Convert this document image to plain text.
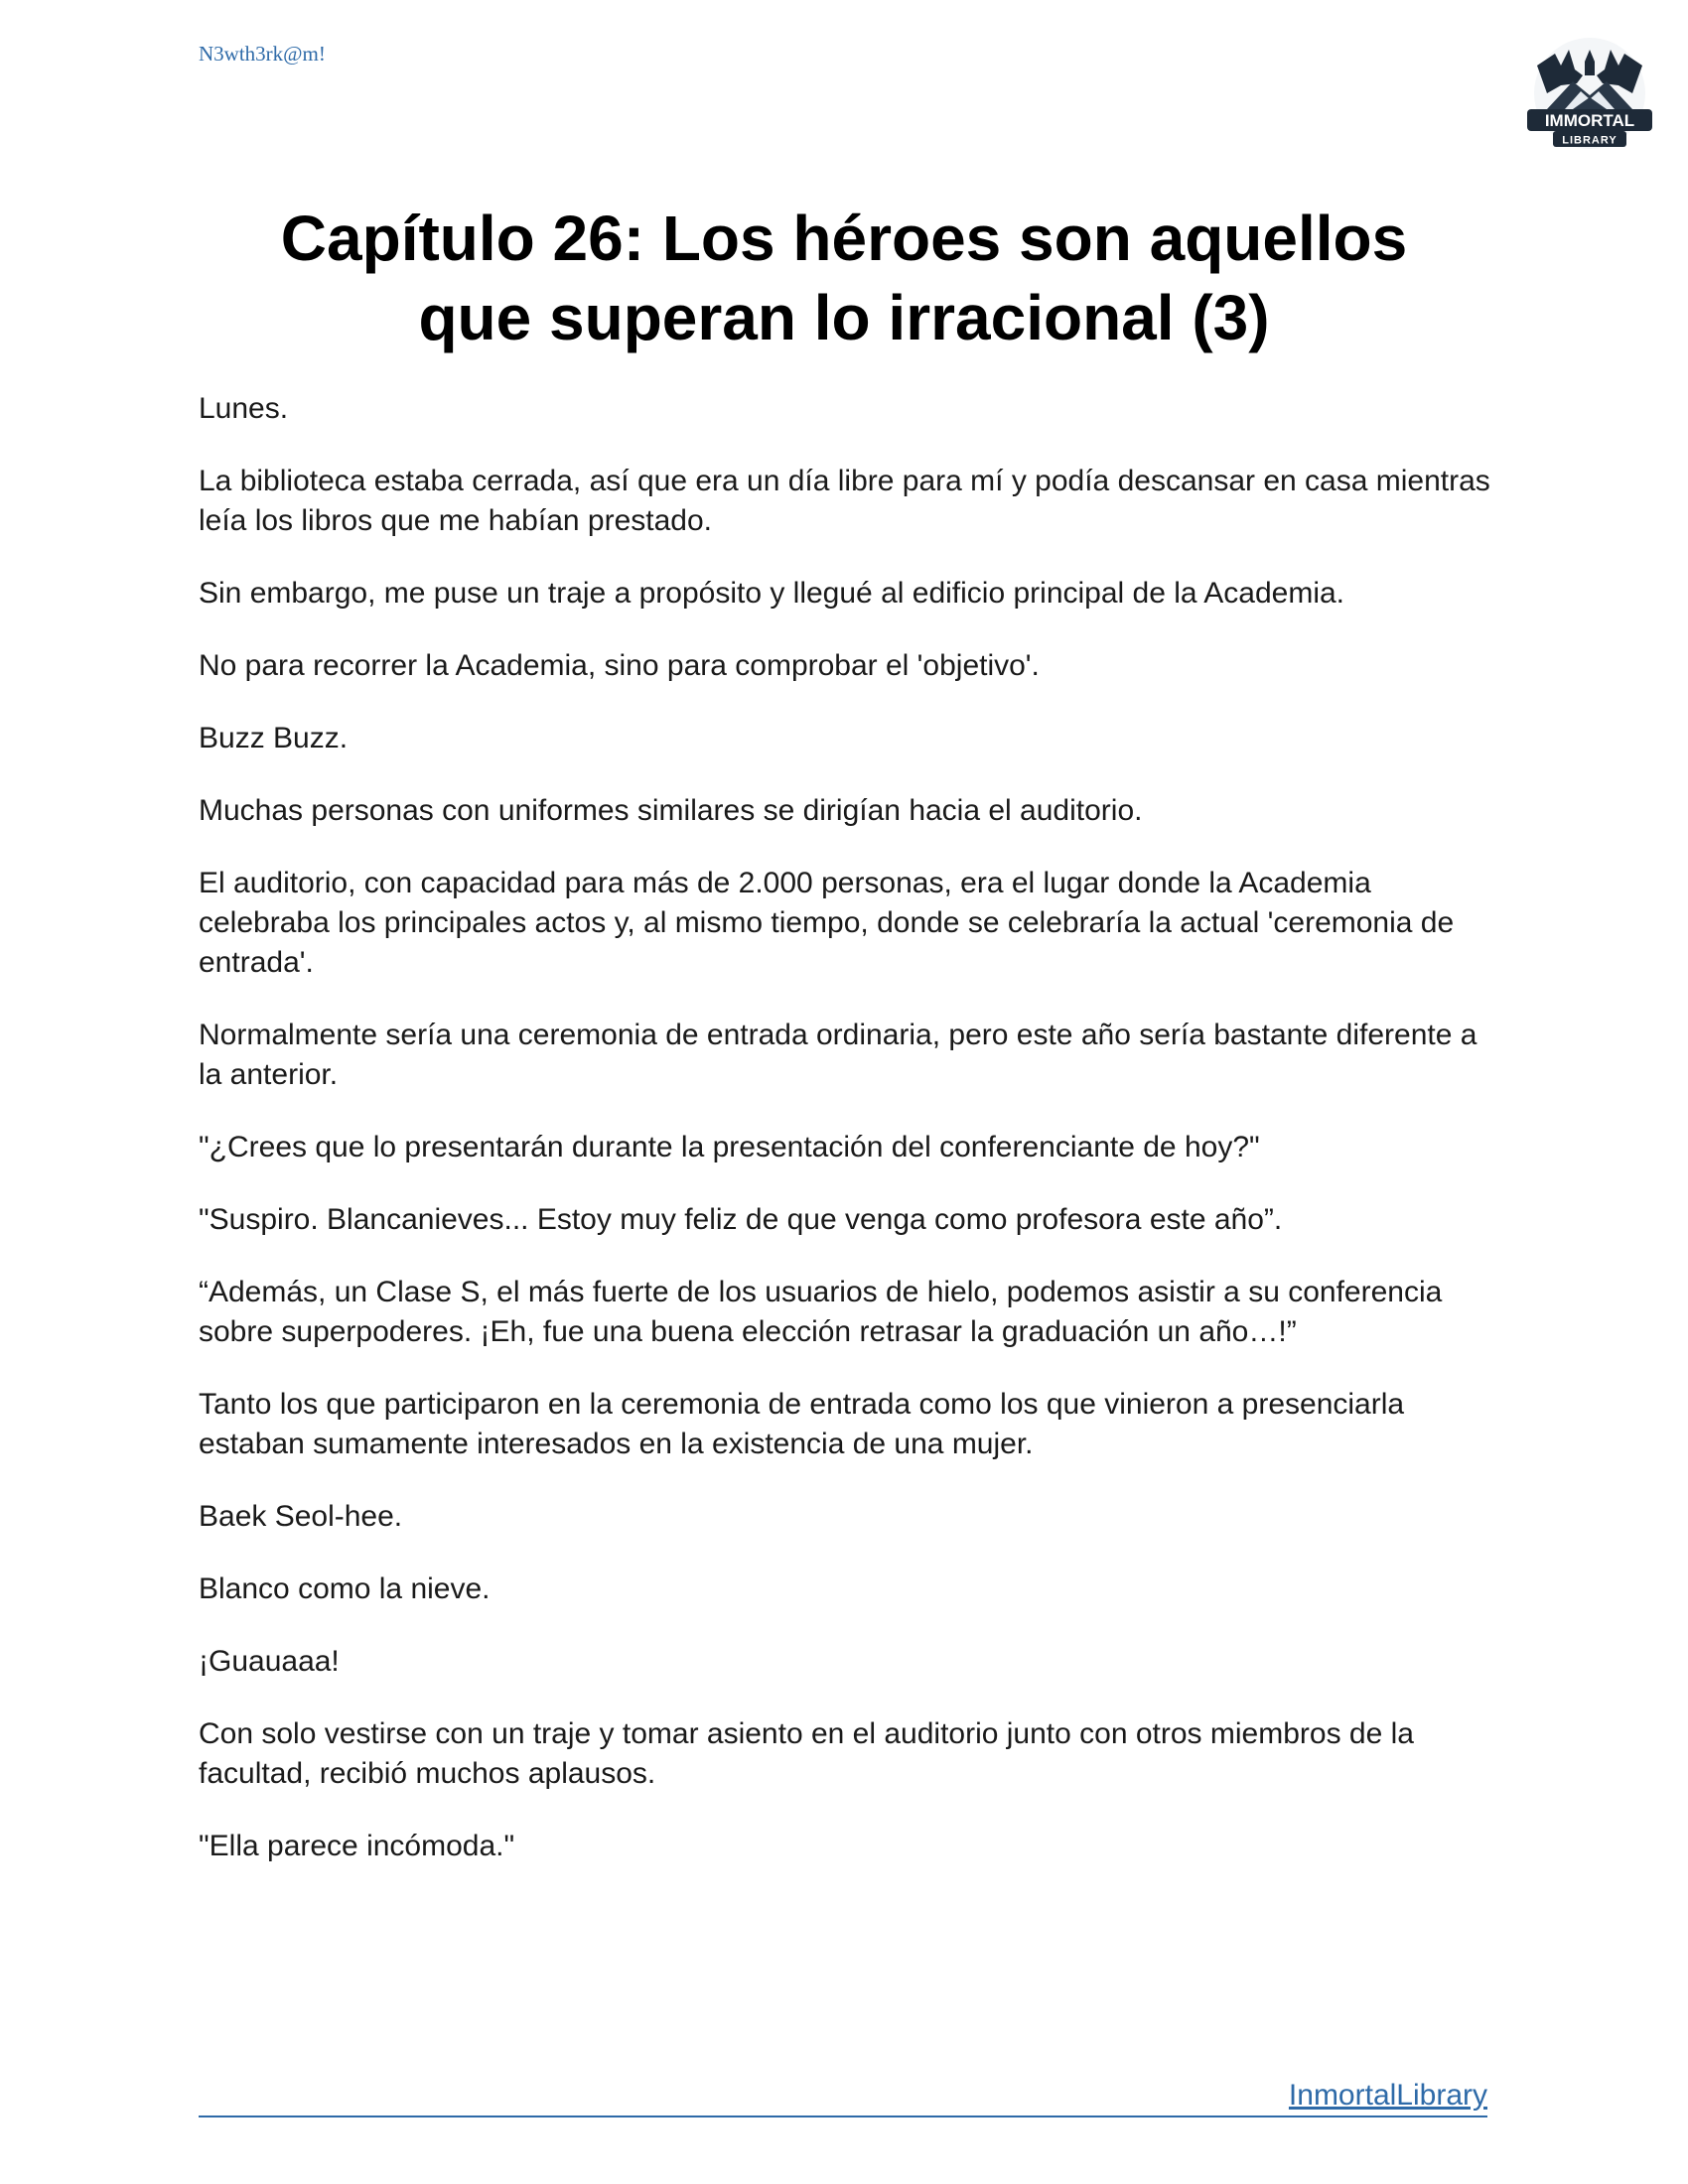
N3wth3rk@m!
IMMORTAL
LIBRARY
Capítulo 26: Los héroes son aquellos
que superan lo irracional (3)

Lunes.

La biblioteca estaba cerrada, así que era un día libre para mí y podía descansar en casa mientras leía los libros que me habían prestado.

Sin embargo, me puse un traje a propósito y llegué al edificio principal de la Academia.

No para recorrer la Academia, sino para comprobar el 'objetivo'.

Buzz Buzz.

Muchas personas con uniformes similares se dirigían hacia el auditorio.

El auditorio, con capacidad para más de 2.000 personas, era el lugar donde la Academia celebraba los principales actos y, al mismo tiempo, donde se celebraría la actual 'ceremonia de entrada'.

Normalmente sería una ceremonia de entrada ordinaria, pero este año sería bastante diferente a la anterior.

"¿Crees que lo presentarán durante la presentación del conferenciante de hoy?"

"Suspiro. Blancanieves... Estoy muy feliz de que venga como profesora este año”.

“Además, un Clase S, el más fuerte de los usuarios de hielo, podemos asistir a su conferencia sobre superpoderes. ¡Eh, fue una buena elección retrasar la graduación un año…!”

Tanto los que participaron en la ceremonia de entrada como los que vinieron a presenciarla estaban sumamente interesados en la existencia de una mujer.

Baek Seol-hee.

Blanco como la nieve.

¡Guauaaa!

Con solo vestirse con un traje y tomar asiento en el auditorio junto con otros miembros de la facultad, recibió muchos aplausos.

"Ella parece incómoda."

InmortalLibrary
